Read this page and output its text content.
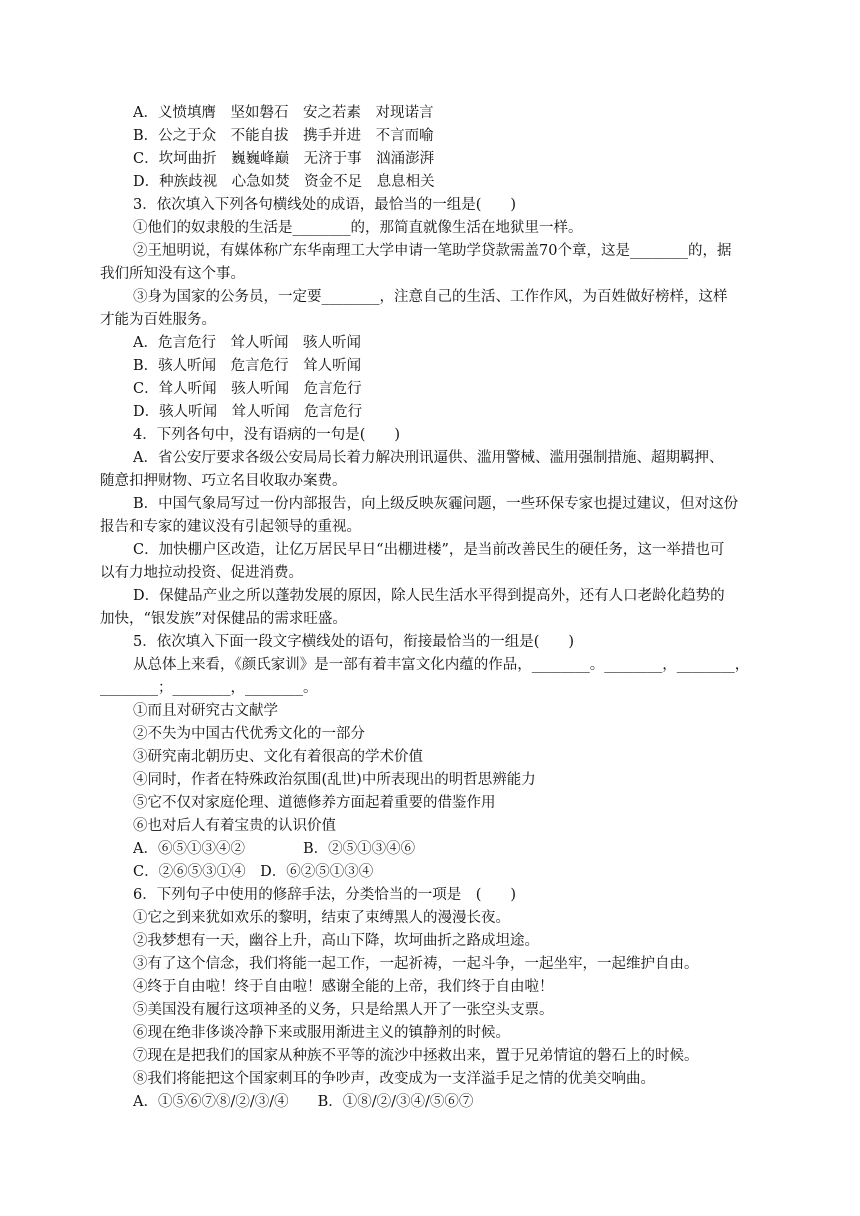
A．义愤填膺　坚如磐石　安之若素　对现诺言
B．公之于众　不能自拔　携手并进　不言而喻
C．坎坷曲折　巍巍峰巅　无济于事　汹涌澎湃
D．种族歧视　心急如焚　资金不足　息息相关
3．依次填入下列各句横线处的成语，最恰当的一组是(　　)
①他们的奴隶般的生活是________的，那简直就像生活在地狱里一样。
②王旭明说，有媒体称广东华南理工大学申请一笔助学贷款需盖70个章，这是________的，据
我们所知没有这个事。
③身为国家的公务员，一定要________，注意自己的生活、工作作风，为百姓做好榜样，这样
才能为百姓服务。
A．危言危行　耸人听闻　骇人听闻
B．骇人听闻　危言危行　耸人听闻
C．耸人听闻　骇人听闻　危言危行
D．骇人听闻　耸人听闻　危言危行
4．下列各句中，没有语病的一句是(　　)
A．省公安厅要求各级公安局局长着力解决刑讯逼供、滥用警械、滥用强制措施、超期羁押、
随意扣押财物、巧立名目收取办案费。
B．中国气象局写过一份内部报告，向上级反映灰霾问题，一些环保专家也提过建议，但对这份
报告和专家的建议没有引起领导的重视。
C．加快棚户区改造，让亿万居民早日“出棚进楼”，是当前改善民生的硬任务，这一举措也可
以有力地拉动投资、促进消费。
D．保健品产业之所以蓬勃发展的原因，除人民生活水平得到提高外，还有人口老龄化趋势的
加快，“银发族”对保健品的需求旺盛。
5．依次填入下面一段文字横线处的语句，衔接最恰当的一组是(　　)
从总体上来看，《颜氏家训》是一部有着丰富文化内蕴的作品，________。________，________，
________；________，________。
①而且对研究古文献学
②不失为中国古代优秀文化的一部分
③研究南北朝历史、文化有着很高的学术价值
④同时，作者在特殊政治氛围(乱世)中所表现出的明哲思辨能力
⑤它不仅对家庭伦理、道德修养方面起着重要的借鉴作用
⑥也对后人有着宝贵的认识价值
A．⑥⑤①③④②　　　　B．②⑤①③④⑥
C．②⑥⑤③①④　D．⑥②⑤①③④
6．下列句子中使用的修辞手法，分类恰当的一项是　(　　)
①它之到来犹如欢乐的黎明，结束了束缚黑人的漫漫长夜。
②我梦想有一天，幽谷上升，高山下降，坎坷曲折之路成坦途。
③有了这个信念，我们将能一起工作，一起祈祷，一起斗争，一起坐牢，一起维护自由。
④终于自由啦！终于自由啦！感谢全能的上帝，我们终于自由啦！
⑤美国没有履行这项神圣的义务，只是给黑人开了一张空头支票。
⑥现在绝非侈谈冷静下来或服用渐进主义的镇静剂的时候。
⑦现在是把我们的国家从种族不平等的流沙中拯救出来，置于兄弟情谊的磐石上的时候。
⑧我们将能把这个国家刺耳的争吵声，改变成为一支洋溢手足之情的优美交响曲。
A．①⑤⑥⑦⑧/②/③/④　　B．①⑧/②/③④/⑤⑥⑦
